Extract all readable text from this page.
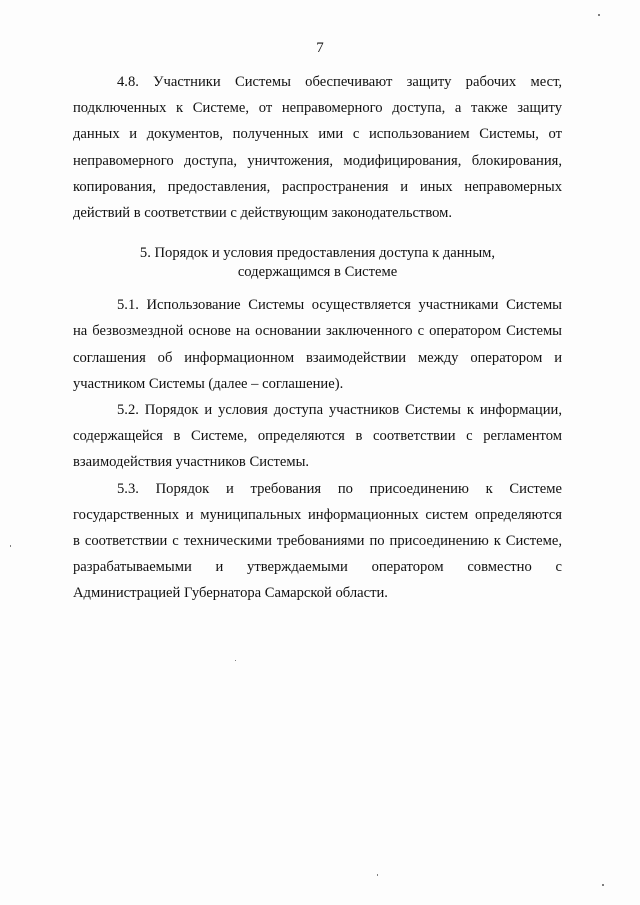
7

4.8. Участники Системы обеспечивают защиту рабочих мест,
подключенных к Системе, от неправомерного доступа, а также защиту
данных и документов, полученных ими с использованием Системы, от
неправомерного доступа, уничтожения, модифицирования, блокирования,
копирования, предоставления, распространения и иных неправомерных
действий в соответствии с действующим законодательством.

5. Порядок и условия предоставления доступа к данным,
содержащимся в Системе

5.1. Использование Системы осуществляется участниками Системы
на безвозмездной основе на основании заключенного с оператором Системы
соглашения об информационном взаимодействии между оператором и
участником Системы (далее – соглашение).

5.2. Порядок и условия доступа участников Системы к информации,
содержащейся в Системе, определяются в соответствии с регламентом
взаимодействия участников Системы.

5.3. Порядок и требования по присоединению к Системе
государственных и муниципальных информационных систем определяются
в соответствии с техническими требованиями по присоединению к Системе,
разрабатываемыми и утверждаемыми оператором совместно с
Администрацией Губернатора Самарской области.
